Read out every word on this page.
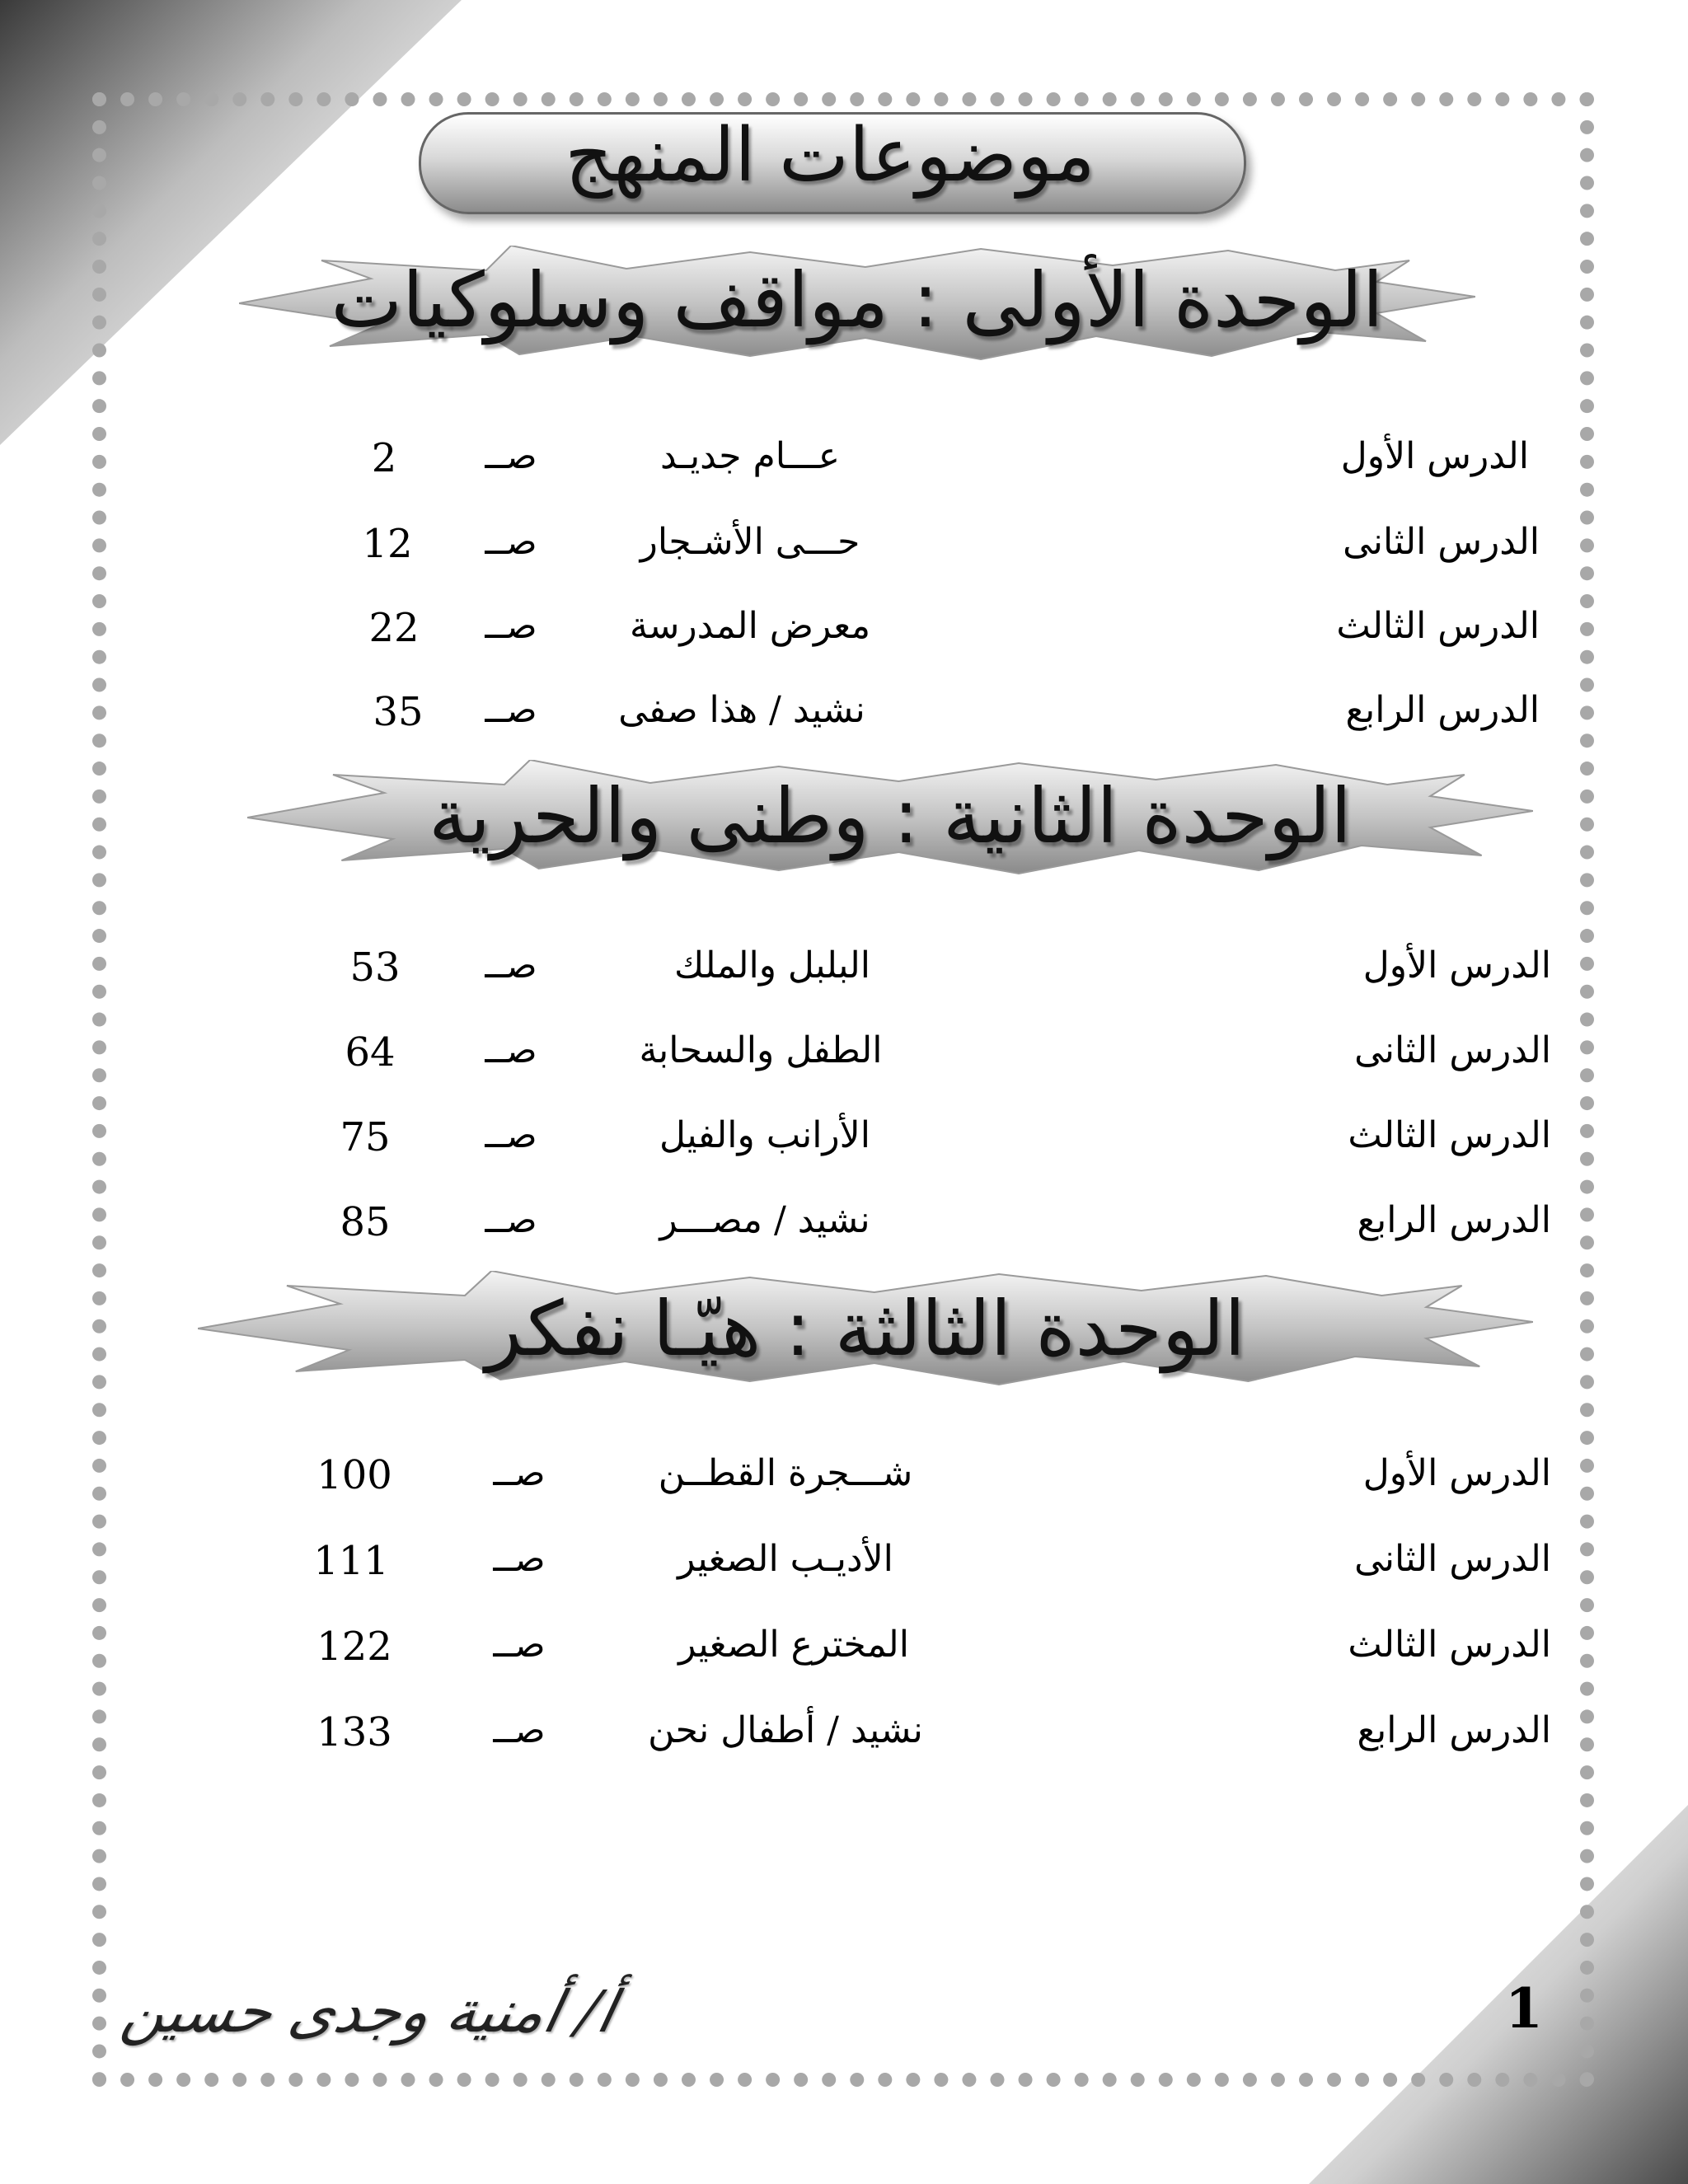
موضوعات المنهج
الوحدة الأولى : مواقف وسلوكيات
الدرس الأول
عـــام جديـد
صــ
2
الدرس الثانى
حـــى الأشـجار
صــ
12
الدرس الثالث
معرض المدرسة
صــ
22
الدرس الرابع
نشيد / هذا صفى
صــ
35
الوحدة الثانية : وطنى والحرية
الدرس الأول
البلبل والملك
صــ
53
الدرس الثانى
الطفل والسحابة
صــ
64
الدرس الثالث
الأرانب والفيل
صــ
75
الدرس الرابع
نشيد / مصـــر
صــ
85
الوحدة الثالثة : هيّـا نفكر
الدرس الأول
شـــجرة القطــن
صــ
100
الدرس الثانى
الأديـب الصغير
صــ
111
الدرس الثالث
المخترع الصغير
صــ
122
الدرس الرابع
نشيد / أطفال نحن
صــ
133
أ/ أمنية وجدى حسين	1
